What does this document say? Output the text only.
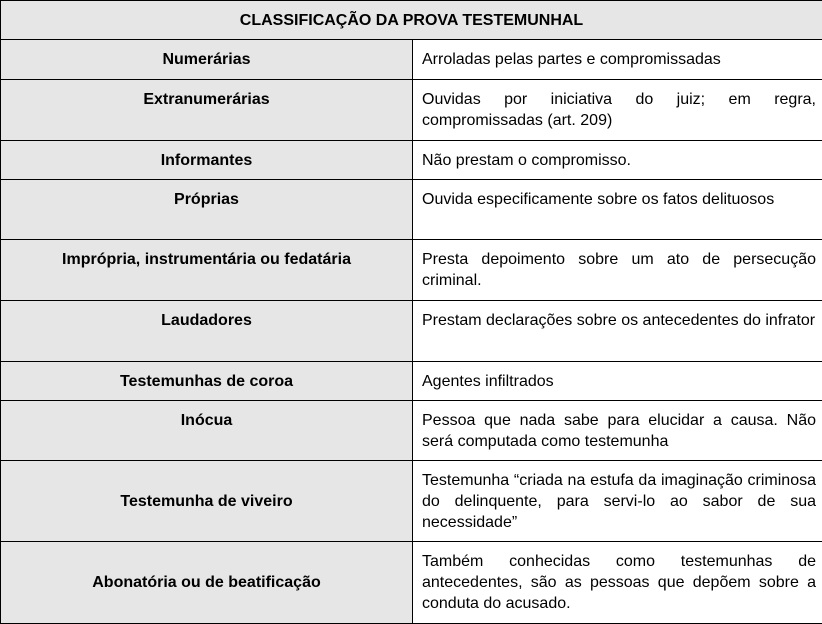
CLASSIFICAÇÃO DA PROVA TESTEMUNHAL	
Numerárias	Arroladas pelas partes e compromissadas
Extranumerárias	Ouvidas por iniciativa do juiz; em regra, compromissadas (art. 209)
Informantes	Não prestam o compromisso.
Próprias	Ouvida especificamente sobre os fatos delituosos
Imprópria, instrumentária ou fedatária	Presta depoimento sobre um ato de persecução criminal.
Laudadores	Prestam declarações sobre os antecedentes do infrator
Testemunhas de coroa	Agentes infiltrados
Inócua	Pessoa que nada sabe para elucidar a causa. Não será computada como testemunha
Testemunha de viveiro	Testemunha “criada na estufa da imaginação criminosa do delinquente, para servi-lo ao sabor de sua necessidade”
Abonatória ou de beatificação	Também conhecidas como testemunhas de antecedentes, são as pessoas que depõem sobre a conduta do acusado.
